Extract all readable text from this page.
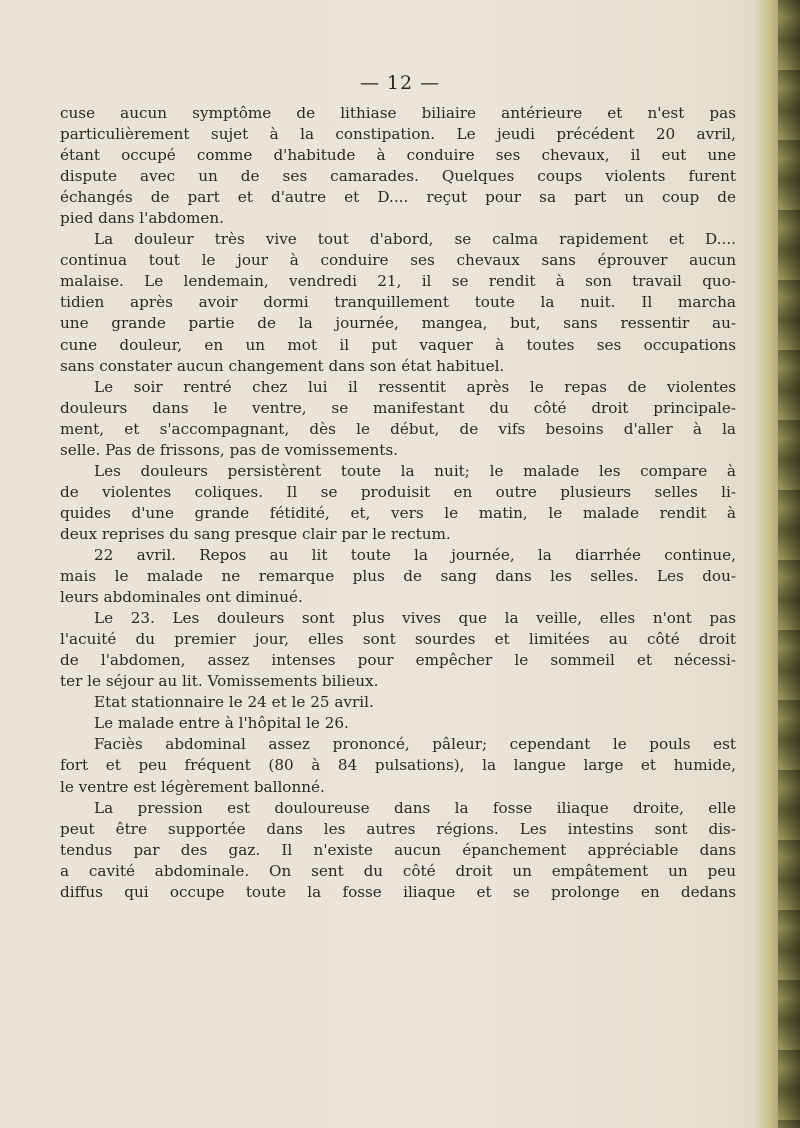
— 12 —
cuse aucun symptôme de lithiase biliaire antérieure et n'est pas
particulièrement sujet à la constipation. Le jeudi précédent 20 avril,
étant occupé comme d'habitude à conduire ses chevaux, il eut une
dispute avec un de ses camarades. Quelques coups violents furent
échangés de part et d'autre et D.... reçut pour sa part un coup de
pied dans l'abdomen.
La douleur très vive tout d'abord, se calma rapidement et D....
continua tout le jour à conduire ses chevaux sans éprouver aucun
malaise. Le lendemain, vendredi 21, il se rendit à son travail quo-
tidien après avoir dormi tranquillement toute la nuit. Il marcha
une grande partie de la journée, mangea, but, sans ressentir au-
cune douleur, en un mot il put vaquer à toutes ses occupations
sans constater aucun changement dans son état habituel.
Le soir rentré chez lui il ressentit après le repas de violentes
douleurs dans le ventre, se manifestant du côté droit principale-
ment, et s'accompagnant, dès le début, de vifs besoins d'aller à la
selle. Pas de frissons, pas de vomissements.
Les douleurs persistèrent toute la nuit; le malade les compare à
de violentes coliques. Il se produisit en outre plusieurs selles li-
quides d'une grande fétidité, et, vers le matin, le malade rendit à
deux reprises du sang presque clair par le rectum.
22 avril. Repos au lit toute la journée, la diarrhée continue,
mais le malade ne remarque plus de sang dans les selles. Les dou-
leurs abdominales ont diminué.
Le 23. Les douleurs sont plus vives que la veille, elles n'ont pas
l'acuité du premier jour, elles sont sourdes et limitées au côté droit
de l'abdomen, assez intenses pour empêcher le sommeil et nécessi-
ter le séjour au lit. Vomissements bilieux.
Etat stationnaire le 24 et le 25 avril.
Le malade entre à l'hôpital le 26.
Faciès abdominal assez prononcé, pâleur; cependant le pouls est
fort et peu fréquent (80 à 84 pulsations), la langue large et humide,
le ventre est légèrement ballonné.
La pression est douloureuse dans la fosse iliaque droite, elle
peut être supportée dans les autres régions. Les intestins sont dis-
tendus par des gaz. Il n'existe aucun épanchement appréciable dans
a cavité abdominale. On sent du côté droit un empâtement un peu
diffus qui occupe toute la fosse iliaque et se prolonge en dedans
